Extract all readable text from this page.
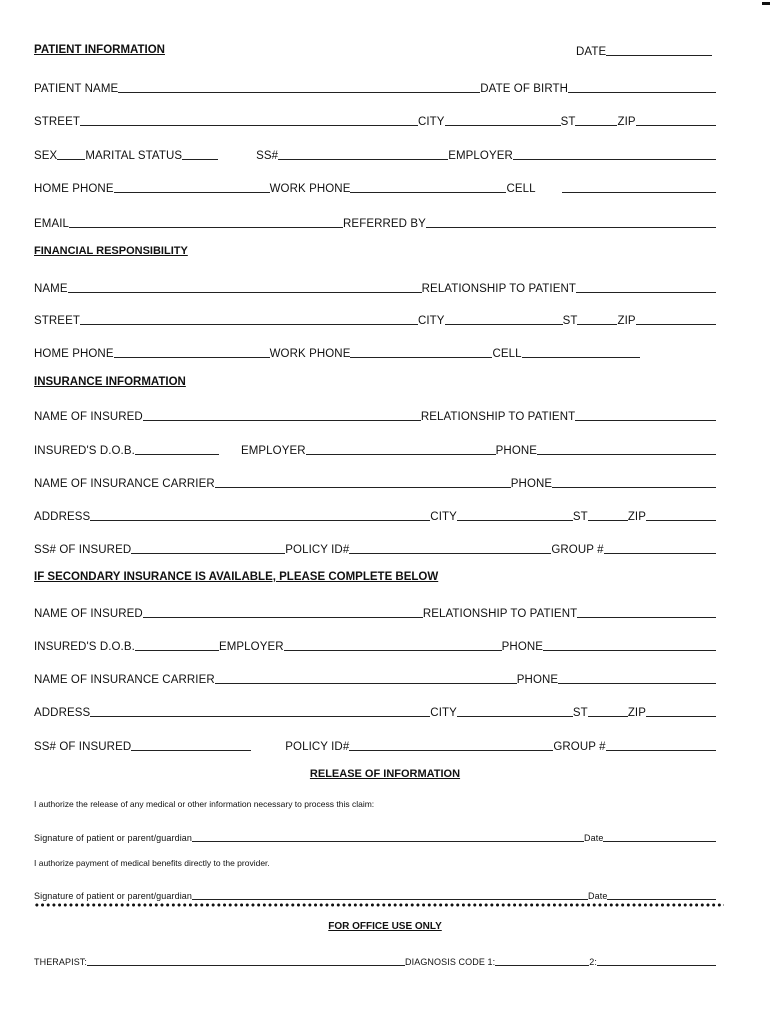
PATIENT INFORMATION	DATE
PATIENT NAME	DATE OF BIRTH
STREET	CITY	ST	ZIP
SEX MARITAL STATUS	SS#	EMPLOYER
HOME PHONE	WORK PHONE	CELL
EMAIL	REFERRED BY
FINANCIAL RESPONSIBILITY
NAME	RELATIONSHIP TO PATIENT
STREET	CITY	ST	ZIP
HOME PHONE	WORK PHONE	CELL
INSURANCE INFORMATION
NAME OF INSURED	RELATIONSHIP TO PATIENT
INSURED'S D.O.B.	EMPLOYER	PHONE
NAME OF INSURANCE CARRIER	PHONE
ADDRESS	CITY	ST	ZIP
SS# OF INSURED	POLICY ID#	GROUP #
IF SECONDARY INSURANCE IS AVAILABLE, PLEASE COMPLETE BELOW
NAME OF INSURED	RELATIONSHIP TO PATIENT
INSURED'S D.O.B.	EMPLOYER	PHONE
NAME OF INSURANCE CARRIER	PHONE
ADDRESS	CITY	ST	ZIP
SS# OF INSURED	POLICY ID#	GROUP #
RELEASE OF INFORMATION
I authorize the release of any medical or other information necessary to process this claim:
Signature of patient or parent/guardian	Date
I authorize payment of medical benefits directly to the provider.
Signature of patient or parent/guardian	Date
FOR OFFICE USE ONLY
THERAPIST:	DIAGNOSIS CODE 1:	2:
